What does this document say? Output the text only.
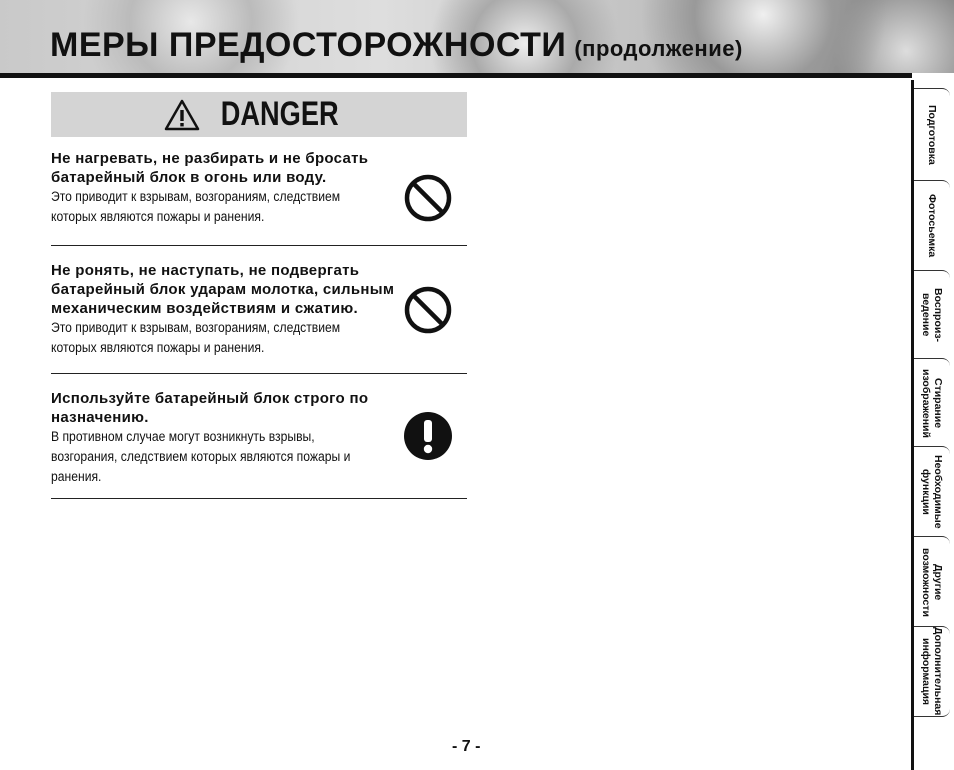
МЕРЫ ПРЕДОСТОРОЖНОСТИ (продолжение)
DANGER
Не нагревать, не разбирать и не бросать батарейный блок в огонь или воду.

Это приводит к взрывам, возгораниям, следствием которых являются пожары и ранения.

Не ронять, не наступать, не подвергать батарейный блок ударам молотка, сильным механическим воздействиям и сжатию.

Это приводит к взрывам, возгораниям, следствием которых являются пожары и ранения.

Используйте батарейный блок строго по назначению.

В противном случае могут возникнуть взрывы, возгорания, следствием которых являются пожары и ранения.

Подготовка
Фотосьемка
Воспроиз-
ведение
Стирание
изображений
Необходимые
функции
Другие
возможности
Дополнительная
информация
- 7 -
